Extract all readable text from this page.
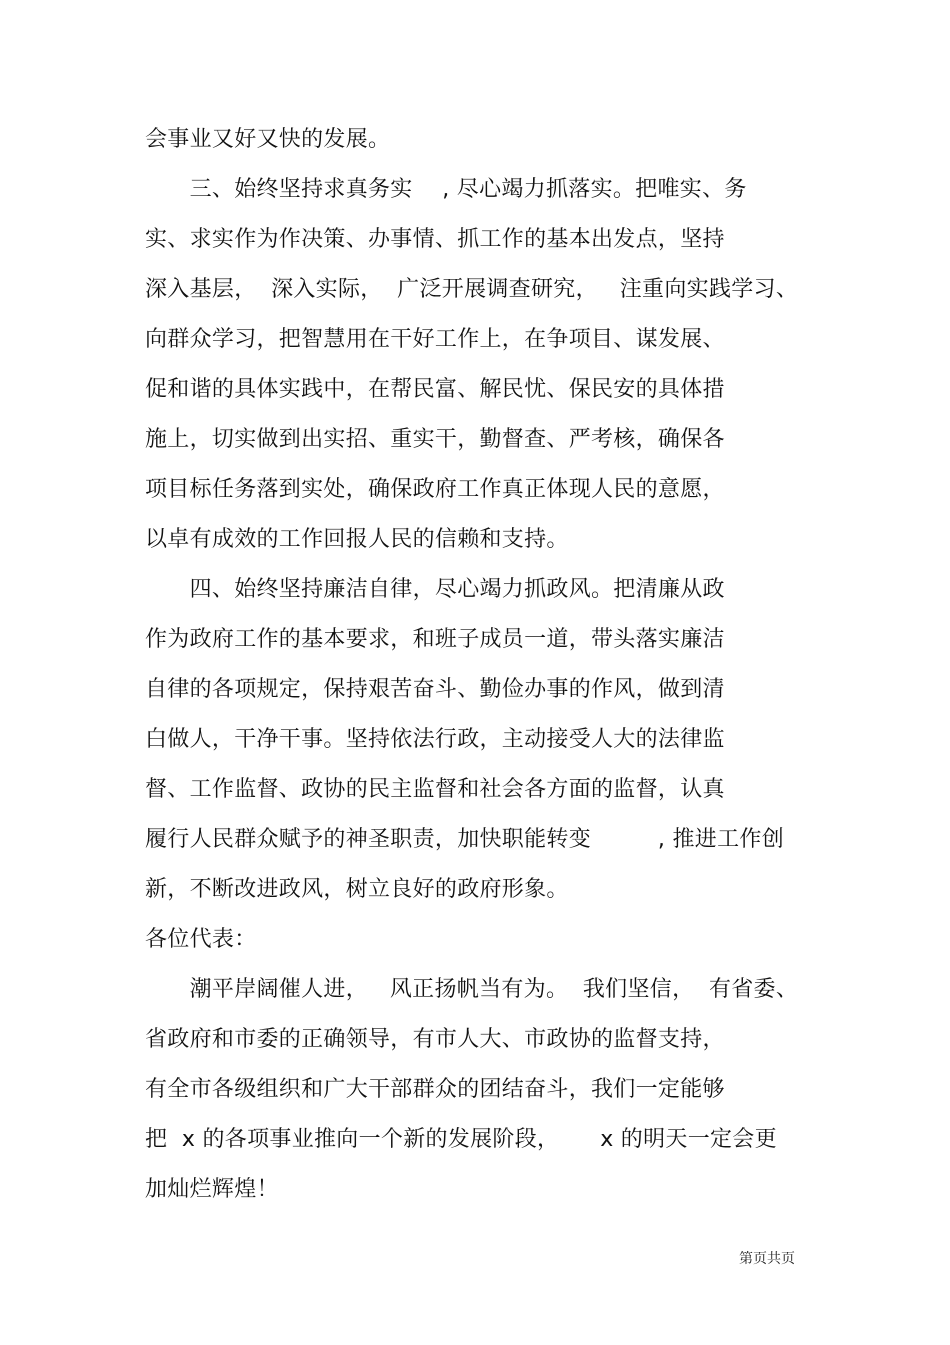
会事业又好又快的发展。
　　三、始终坚持求真务实　 , 尽心竭力抓落实。把唯实、务
实、求实作为作决策、办事情、抓工作的基本出发点，坚持
深入基层，  深入实际，  广泛开展调查研究，   注重向实践学习、
向群众学习，把智慧用在干好工作上，在争项目、谋发展、
促和谐的具体实践中，在帮民富、解民忧、保民安的具体措
施上，切实做到出实招、重实干，勤督查、严考核，确保各
项目标任务落到实处，确保政府工作真正体现人民的意愿，
以卓有成效的工作回报人民的信赖和支持。
　　四、始终坚持廉洁自律，尽心竭力抓政风。把清廉从政
作为政府工作的基本要求，和班子成员一道，带头落实廉洁
自律的各项规定，保持艰苦奋斗、勤俭办事的作风，做到清
白做人，干净干事。坚持依法行政，主动接受人大的法律监
督、工作监督、政协的民主监督和社会各方面的监督，认真
履行人民群众赋予的神圣职责，加快职能转变　　　, 推进工作创
新，不断改进政风，树立良好的政府形象。
各位代表：
　　潮平岸阔催人进，   风正扬帆当有为。  我们坚信，  有省委、
省政府和市委的正确领导，有市人大、市政协的监督支持，
有全市各级组织和广大干部群众的团结奋斗，我们一定能够
把  x 的各项事业推向一个新的发展阶段，　　 x 的明天一定会更
加灿烂辉煌！
第页共页
